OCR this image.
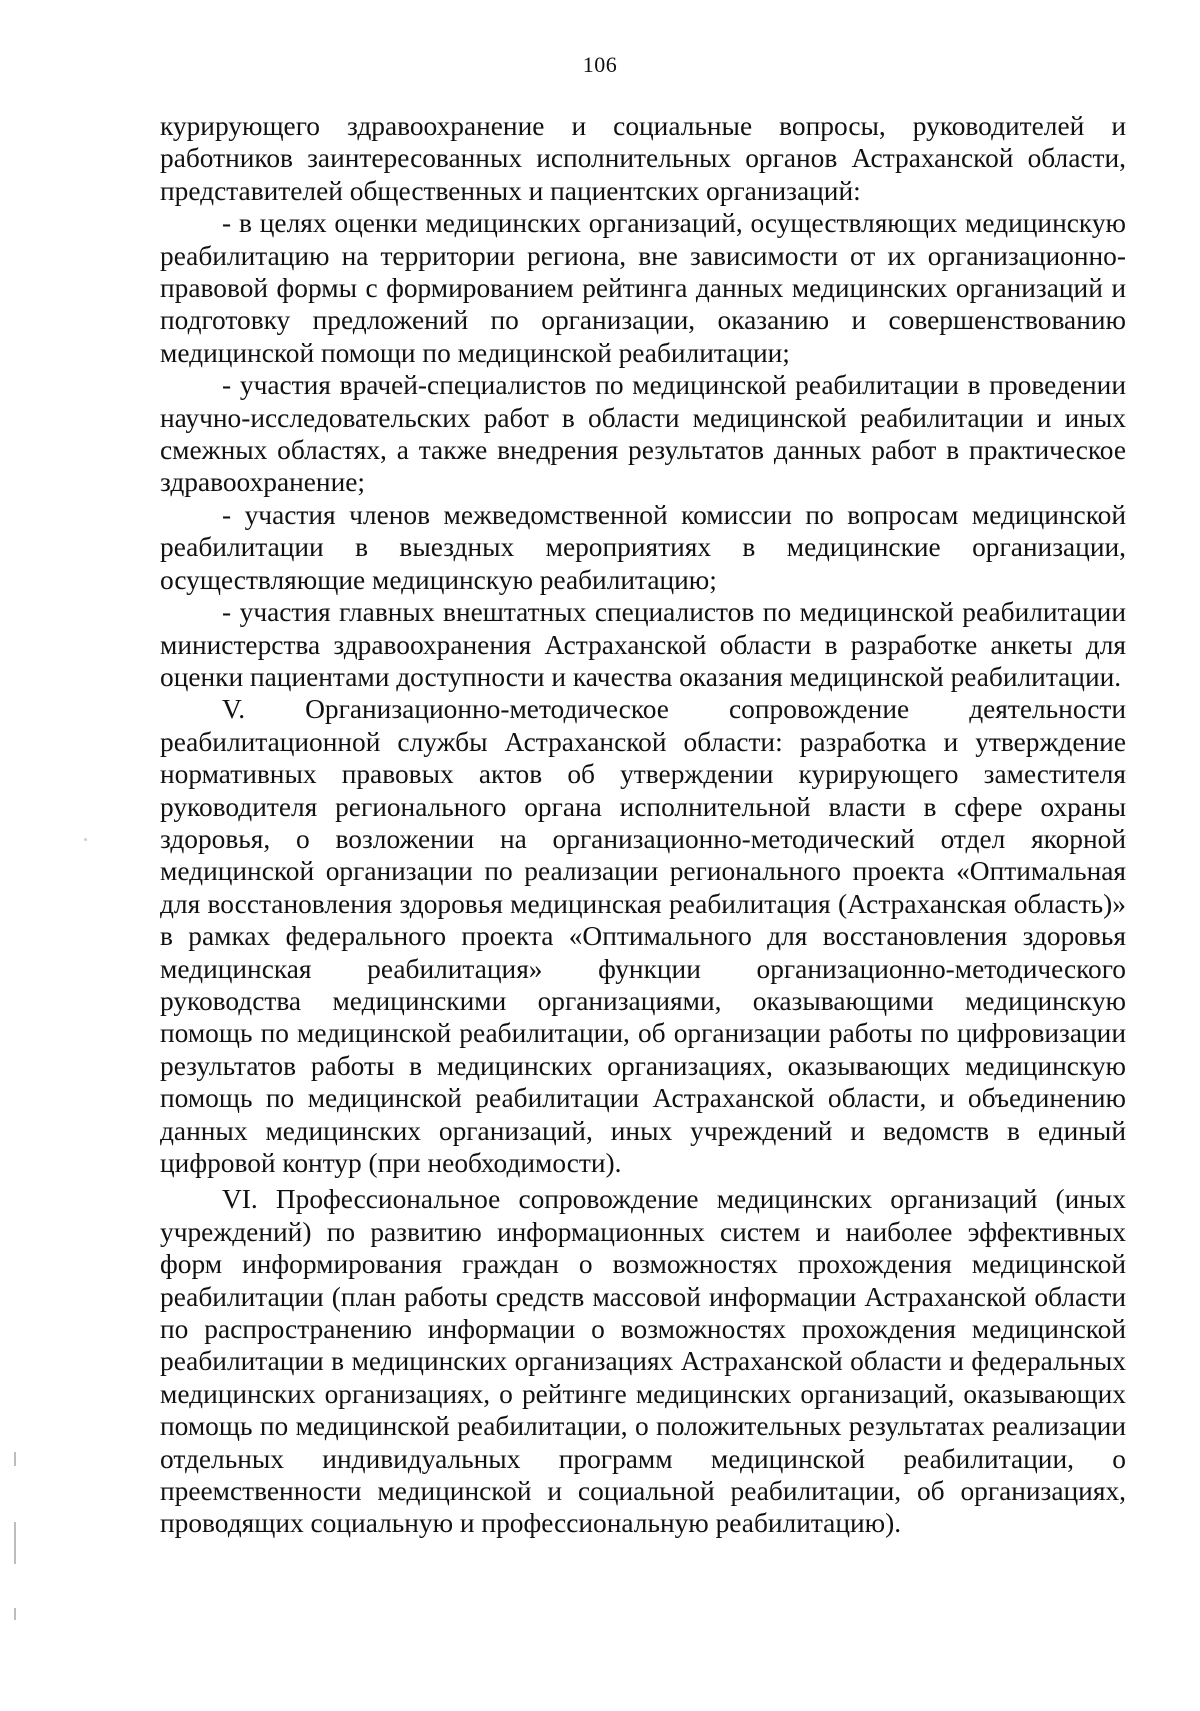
106

курирующего здравоохранение и социальные вопросы, руководителей и работников заинтересованных исполнительных органов Астраханской области, представителей общественных и пациентских организаций:

- в целях оценки медицинских организаций, осуществляющих медицинскую реабилитацию на территории региона, вне зависимости от их организационно-правовой формы с формированием рейтинга данных медицинских организаций и подготовку предложений по организации, оказанию и совершенствованию медицинской помощи по медицинской реабилитации;

- участия врачей-специалистов по медицинской реабилитации в проведении научно-исследовательских работ в области медицинской реабилитации и иных смежных областях, а также внедрения результатов данных работ в практическое здравоохранение;

- участия членов межведомственной комиссии по вопросам медицинской реабилитации в выездных мероприятиях в медицинские организации, осуществляющие медицинскую реабилитацию;

- участия главных внештатных специалистов по медицинской реабилитации министерства здравоохранения Астраханской области в разработке анкеты для оценки пациентами доступности и качества оказания медицинской реабилитации.

V. Организационно-методическое сопровождение деятельности реабилитационной службы Астраханской области: разработка и утверждение нормативных правовых актов об утверждении курирующего заместителя руководителя регионального органа исполнительной власти в сфере охраны здоровья, о возложении на организационно-методический отдел якорной медицинской организации по реализации регионального проекта «Оптимальная для восстановления здоровья медицинская реабилитация (Астраханская область)» в рамках федерального проекта «Оптимального для восстановления здоровья медицинская реабилитация» функции организационно-методического руководства медицинскими организациями, оказывающими медицинскую помощь по медицинской реабилитации, об организации работы по цифровизации результатов работы в медицинских организациях, оказывающих медицинскую помощь по медицинской реабилитации Астраханской области, и объединению данных медицинских организаций, иных учреждений и ведомств в единый цифровой контур (при необходимости).

VI. Профессиональное сопровождение медицинских организаций (иных учреждений) по развитию информационных систем и наиболее эффективных форм информирования граждан о возможностях прохождения медицинской реабилитации (план работы средств массовой информации Астраханской области по распространению информации о возможностях прохождения медицинской реабилитации в медицинских организациях Астраханской области и федеральных медицинских организациях, о рейтинге медицинских организаций, оказывающих помощь по медицинской реабилитации, о положительных результатах реализации отдельных индивидуальных программ медицинской реабилитации, о преемственности медицинской и социальной реабилитации, об организациях, проводящих социальную и профессиональную реабилитацию).
